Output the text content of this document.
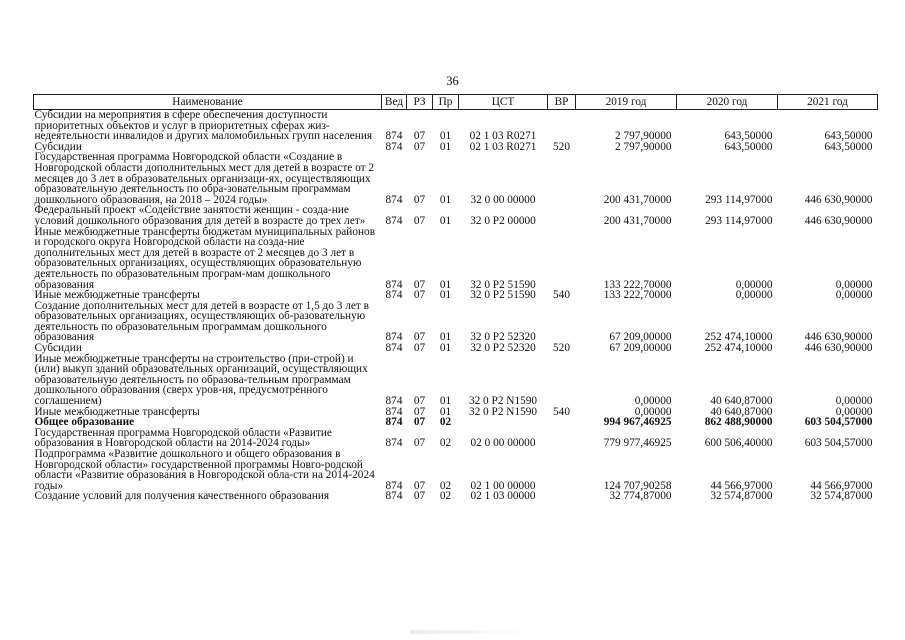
36
Наименование	Вед	РЗ	Пр	ЦСТ	ВР	2019 год	2020 год	2021 год
Субсидии на мероприятия в сфере обеспечения доступности приоритетных объектов и услуг в приоритетных сферах жиз-недеятельности инвалидов и других маломобильных групп населения	874	07	01	02 1 03 R0271		2 797,90000	643,50000	643,50000
Субсидии	874	07	01	02 1 03 R0271	520	2 797,90000	643,50000	643,50000
Государственная программа Новгородской области «Создание в Новгородской области дополнительных мест для детей в возрасте от 2 месяцев до 3 лет в образовательных организаци-ях, осуществляющих образовательную деятельность по обра-зовательным программам дошкольного образования, на 2018 – 2024 годы»	874	07	01	32 0 00 00000		200 431,70000	293 114,97000	446 630,90000
Федеральный проект «Содействие занятости женщин - созда-ние условий дошкольного образования для детей в возрасте до трех лет»	874	07	01	32 0 P2 00000		200 431,70000	293 114,97000	446 630,90000
Иные межбюджетные трансферты бюджетам муниципальных районов и городского округа Новгородской области на созда-ние дополнительных мест для детей в возрасте от 2 месяцев до 3 лет в образовательных организациях, осуществляющих образовательную деятельность по образовательным програм-мам дошкольного образования	874	07	01	32 0 P2 51590		133 222,70000	0,00000	0,00000
Иные межбюджетные трансферты	874	07	01	32 0 P2 51590	540	133 222,70000	0,00000	0,00000
Создание дополнительных мест для детей в возрасте от 1,5 до 3 лет в образовательных организациях, осуществляющих об-разовательную деятельность по образовательным программам дошкольного образования	874	07	01	32 0 P2 52320		67 209,00000	252 474,10000	446 630,90000
Субсидии	874	07	01	32 0 P2 52320	520	67 209,00000	252 474,10000	446 630,90000
Иные межбюджетные трансферты на строительство (при-строй) и (или) выкуп зданий образовательных организаций, осуществляющих образовательную деятельность по образова-тельным программам дошкольного образования (сверх уров-ня, предусмотренного соглашением)	874	07	01	32 0 P2 N1590		0,00000	40 640,87000	0,00000
Иные межбюджетные трансферты	874	07	01	32 0 P2 N1590	540	0,00000	40 640,87000	0,00000
Общее образование	874	07	02			994 967,46925	862 488,90000	603 504,57000
Государственная программа Новгородской области «Развитие образования в Новгородской области на 2014-2024 годы»	874	07	02	02 0 00 00000		779 977,46925	600 506,40000	603 504,57000
Подпрограмма «Развитие дошкольного и общего образования в Новгородской области» государственной программы Новго-родской области «Развитие образования в Новгородской обла-сти на 2014-2024 годы»	874	07	02	02 1 00 00000		124 707,90258	44 566,97000	44 566,97000
Создание условий для получения качественного образования	874	07	02	02 1 03 00000		32 774,87000	32 574,87000	32 574,87000
